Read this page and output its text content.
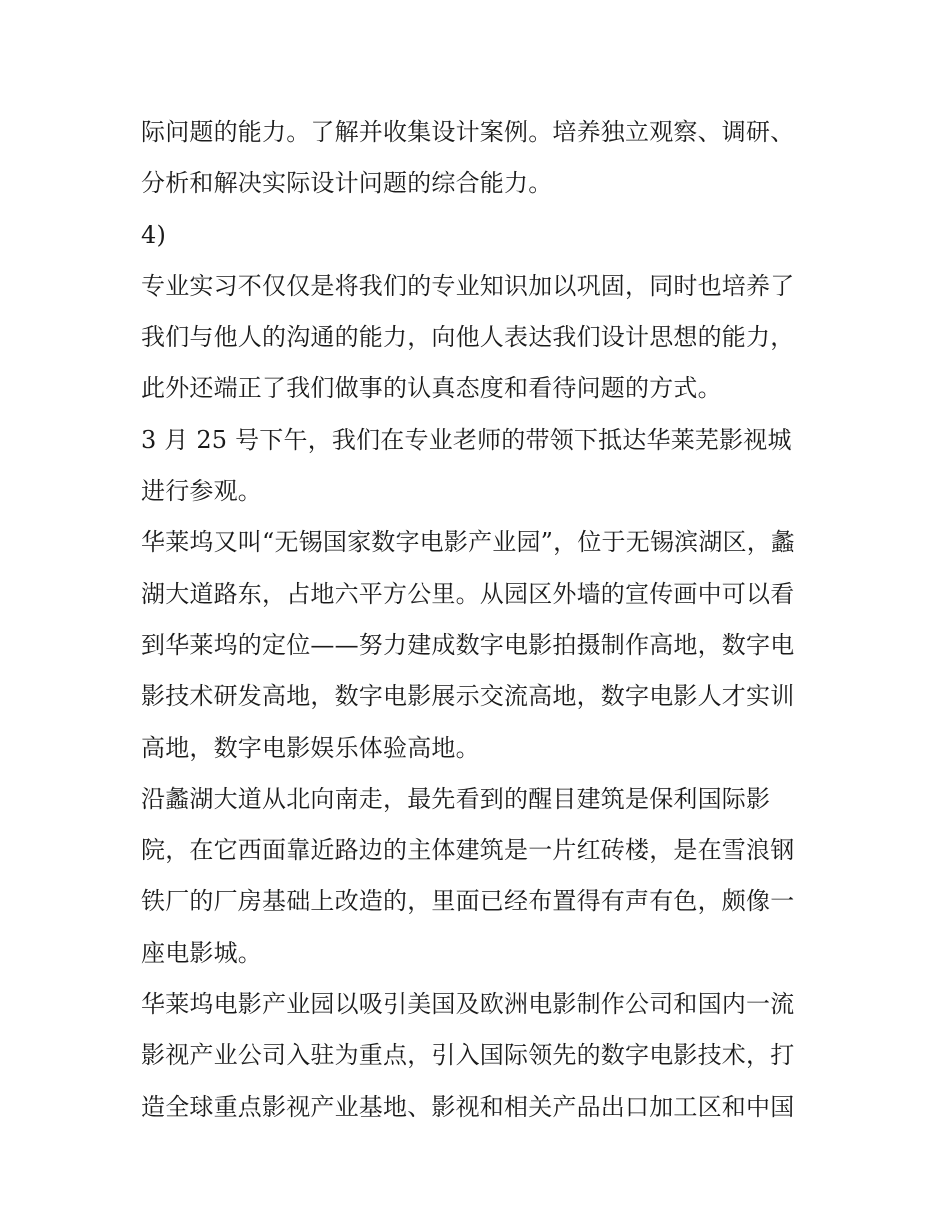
际问题的能力。了解并收集设计案例。培养独立观察、调研、
分析和解决实际设计问题的综合能力。
4)
专业实习不仅仅是将我们的专业知识加以巩固，同时也培养了
我们与他人的沟通的能力，向他人表达我们设计思想的能力，
此外还端正了我们做事的认真态度和看待问题的方式。
3 月 25 号下午，我们在专业老师的带领下抵达华莱芜影视城
进行参观。
华莱坞又叫“无锡国家数字电影产业园”，位于无锡滨湖区，蠡
湖大道路东，占地六平方公里。从园区外墙的宣传画中可以看
到华莱坞的定位——努力建成数字电影拍摄制作高地，数字电
影技术研发高地，数字电影展示交流高地，数字电影人才实训
高地，数字电影娱乐体验高地。
沿蠡湖大道从北向南走，最先看到的醒目建筑是保利国际影
院，在它西面靠近路边的主体建筑是一片红砖楼，是在雪浪钢
铁厂的厂房基础上改造的，里面已经布置得有声有色，颇像一
座电影城。
华莱坞电影产业园以吸引美国及欧洲电影制作公司和国内一流
影视产业公司入驻为重点，引入国际领先的数字电影技术，打
造全球重点影视产业基地、影视和相关产品出口加工区和中国
